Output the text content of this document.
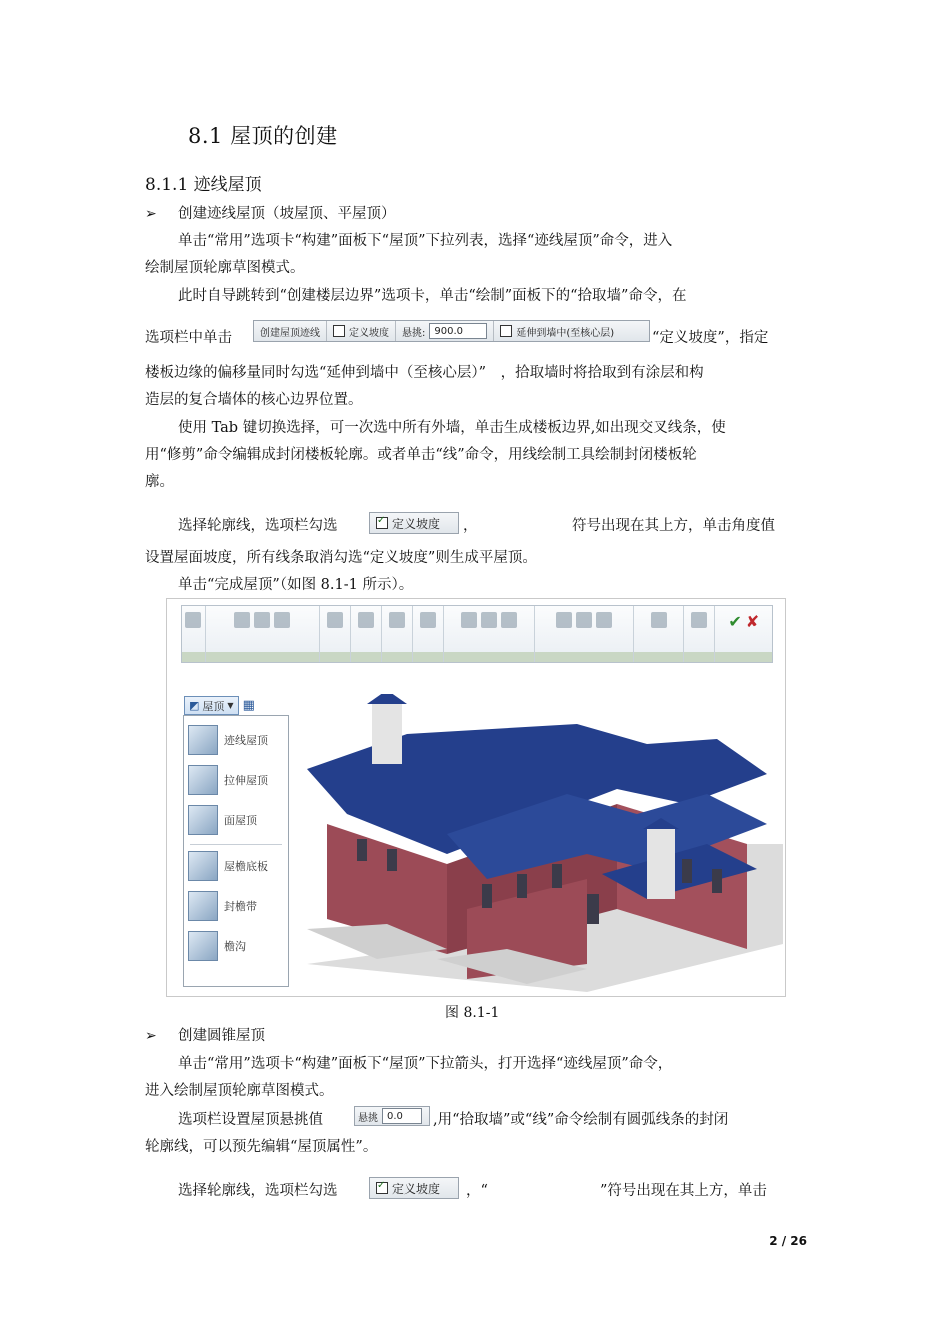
8.1 屋顶的创建
8.1.1 迹线屋顶
➢ 创建迹线屋顶（坡屋顶、平屋顶）
单击“常用”选项卡“构建”面板下“屋顶”下拉列表，选择“迹线屋顶”命令，进入
绘制屋顶轮廓草图模式。
此时自导跳转到“创建楼层边界”选项卡，单击“绘制”面板下的“拾取墙”命令，在
选项栏中单击	创建屋顶迹线	定义坡度 悬挑: 900.0	延伸到墙中(至核心层)	“定义坡度”，指定
楼板边缘的偏移量同时勾选“延伸到墙中（至核心层）”　，拾取墙时将拾取到有涂层和构
造层的复合墙体的核心边界位置。
使用 Tab 键切换选择，可一次选中所有外墙，单击生成楼板边界,如出现交叉线条，使
用“修剪”命令编辑成封闭楼板轮廓。或者单击“线”命令，用线绘制工具绘制封闭楼板轮
廓。
选择轮廓线，选项栏勾选 ✓	定义坡度 ，	符号出现在其上方，单击角度值
设置屋面坡度，所有线条取消勾选“定义坡度”则生成平屋顶。
单击“完成屋顶”（如图 8.1-1 所示）。
✔ ✘
◩ 屋顶 ▼ ▦
迹线屋顶
拉伸屋顶
面屋顶
屋檐底板
封檐带
檐沟
图 8.1-1
➢ 创建圆锥屋顶
单击“常用”选项卡“构建”面板下“屋顶”下拉箭头，打开选择“迹线屋顶”命令，
进入绘制屋顶轮廓草图模式。
选项栏设置屋顶悬挑值	悬挑 0.0	,用“拾取墙”或“线”命令绘制有圆弧线条的封闭
轮廓线，可以预先编辑“屋顶属性”。
选择轮廓线，选项栏勾选 ✓	定义坡度 ，“	”符号出现在其上方，单击
2 / 26
